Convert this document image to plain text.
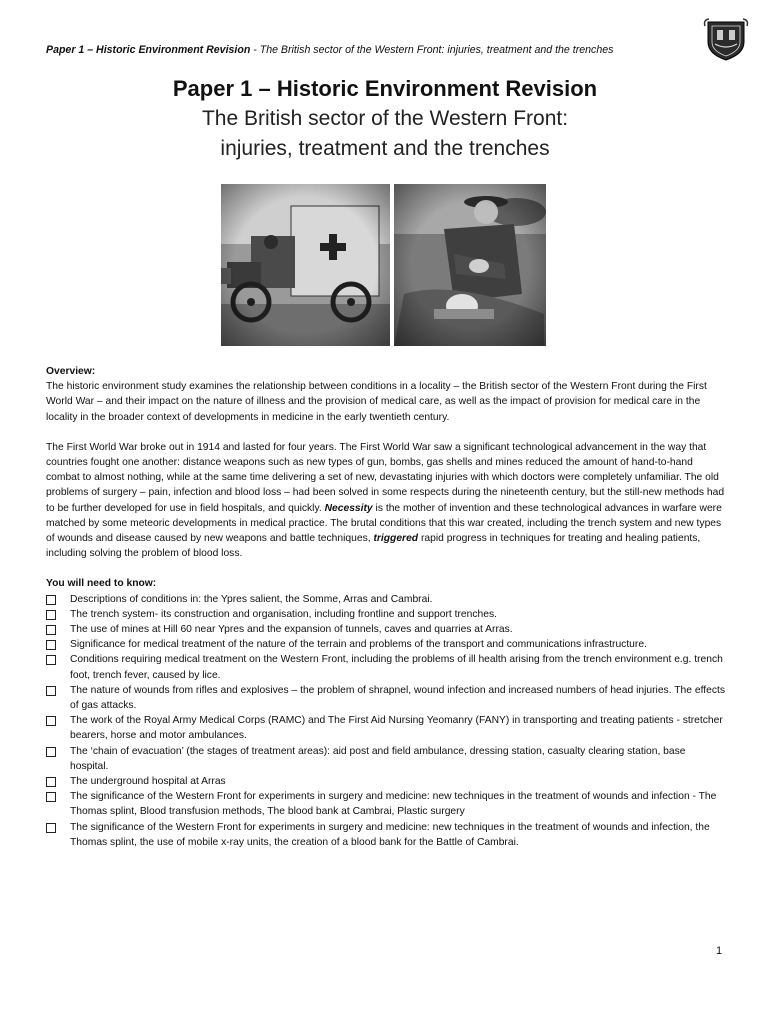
Paper 1 – Historic Environment Revision - The British sector of the Western Front: injuries, treatment and the trenches

Paper 1 – Historic Environment Revision

The British sector of the Western Front:

injuries, treatment and the trenches

Overview:

The historic environment study examines the relationship between conditions in a locality – the British sector of the Western Front during the First World War – and their impact on the nature of illness and the provision of medical care, as well as the impact of provision for medical care in the locality in the broader context of developments in medicine in the early twentieth century.

The First World War broke out in 1914 and lasted for four years. The First World War saw a significant technological advancement in the way that countries fought one another: distance weapons such as new types of gun, bombs, gas shells and mines reduced the amount of hand-to-hand combat to almost nothing, while at the same time delivering a set of new, devastating injuries with which doctors were completely unfamiliar. The old problems of surgery – pain, infection and blood loss – had been solved in some respects during the nineteenth century, but the still-new methods had to be further developed for use in field hospitals, and quickly. Necessity is the mother of invention and these technological advances in warfare were matched by some meteoric developments in medical practice. The brutal conditions that this war created, including the trench system and new types of wounds and disease caused by new weapons and battle techniques, triggered rapid progress in techniques for treating and healing patients, including solving the problem of blood loss.

You will need to know:

Descriptions of conditions in: the Ypres salient, the Somme, Arras and Cambrai.
The trench system- its construction and organisation, including frontline and support trenches.
The use of mines at Hill 60 near Ypres and the expansion of tunnels, caves and quarries at Arras.
Significance for medical treatment of the nature of the terrain and problems of the transport and communications infrastructure.
Conditions requiring medical treatment on the Western Front, including the problems of ill health arising from the trench environment e.g. trench foot, trench fever, caused by lice.
The nature of wounds from rifles and explosives – the problem of shrapnel, wound infection and increased numbers of head injuries. The effects of gas attacks.
The work of the Royal Army Medical Corps (RAMC) and The First Aid Nursing Yeomanry (FANY) in transporting and treating patients - stretcher bearers, horse and motor ambulances.
The ‘chain of evacuation’ (the stages of treatment areas): aid post and field ambulance, dressing station, casualty clearing station, base hospital.
The underground hospital at Arras
The significance of the Western Front for experiments in surgery and medicine: new techniques in the treatment of wounds and infection - The Thomas splint, Blood transfusion methods, The blood bank at Cambrai, Plastic surgery
The significance of the Western Front for experiments in surgery and medicine: new techniques in the treatment of wounds and infection, the Thomas splint, the use of mobile x-ray units, the creation of a blood bank for the Battle of Cambrai.
1
